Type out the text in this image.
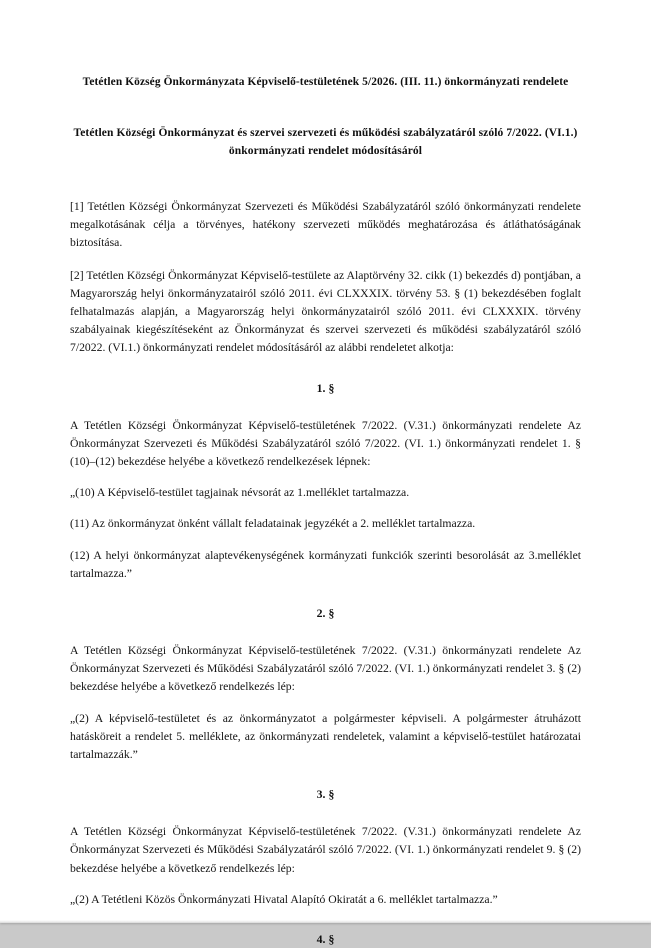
Tetétlen Község Önkormányzata Képviselő-testületének 5/2026. (III. 11.) önkormányzati rendelete
Tetétlen Községi Önkormányzat és szervei szervezeti és működési szabályzatáról szóló 7/2022. (VI.1.) önkormányzati rendelet módosításáról

[1] Tetétlen Községi Önkormányzat Szervezeti és Működési Szabályzatáról szóló önkormányzati rendelete megalkotásának célja a törvényes, hatékony szervezeti működés meghatározása és átláthatóságának biztosítása.

[2] Tetétlen Községi Önkormányzat Képviselő-testülete az Alaptörvény 32. cikk (1) bekezdés d) pontjában, a Magyarország helyi önkormányzatairól szóló 2011. évi CLXXXIX. törvény 53. § (1) bekezdésében foglalt felhatalmazás alapján, a Magyarország helyi önkormányzatairól szóló 2011. évi CLXXXIX. törvény szabályainak kiegészítéseként az Önkormányzat és szervei szervezeti és működési szabályzatáról szóló 7/2022. (VI.1.) önkormányzati rendelet módosításáról az alábbi rendeletet alkotja:

1. §

A Tetétlen Községi Önkormányzat Képviselő-testületének 7/2022. (V.31.) önkormányzati rendelete Az Önkormányzat Szervezeti és Működési Szabályzatáról szóló 7/2022. (VI. 1.) önkormányzati rendelet 1. § (10)–(12) bekezdése helyébe a következő rendelkezések lépnek:

„(10) A Képviselő-testület tagjainak névsorát az 1.melléklet tartalmazza.

(11) Az önkormányzat önként vállalt feladatainak jegyzékét a 2. melléklet tartalmazza.

(12) A helyi önkormányzat alaptevékenységének kormányzati funkciók szerinti besorolását az 3.melléklet tartalmazza.”

2. §

A Tetétlen Községi Önkormányzat Képviselő-testületének 7/2022. (V.31.) önkormányzati rendelete Az Önkormányzat Szervezeti és Működési Szabályzatáról szóló 7/2022. (VI. 1.) önkormányzati rendelet 3. § (2) bekezdése helyébe a következő rendelkezés lép:

„(2) A képviselő-testületet és az önkormányzatot a polgármester képviseli. A polgármester átruházott hatásköreit a rendelet 5. melléklete, az önkormányzati rendeletek, valamint a képviselő-testület határozatai tartalmazzák.”

3. §

A Tetétlen Községi Önkormányzat Képviselő-testületének 7/2022. (V.31.) önkormányzati rendelete Az Önkormányzat Szervezeti és Működési Szabályzatáról szóló 7/2022. (VI. 1.) önkormányzati rendelet 9. § (2) bekezdése helyébe a következő rendelkezés lép:

„(2) A Tetétleni Közös Önkormányzati Hivatal Alapító Okiratát a 6. melléklet tartalmazza.”

4. §
